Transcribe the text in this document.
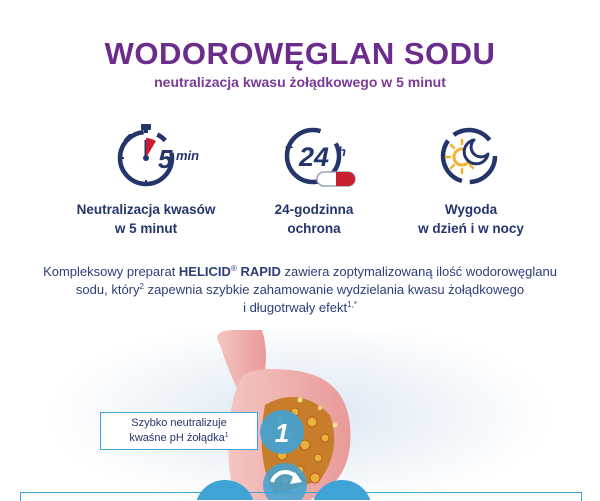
WODOROWĘGLAN SODU
neutralizacja kwasu żołądkowego w 5 minut
5 min
Neutralizacja kwasów
w 5 minut
24 h
24-godzinna
ochrona
Wygoda
w dzień i w nocy
Kompleksowy preparat HELICID® RAPID zawiera zoptymalizowaną ilość wodorowęglanu
sodu, który$^2$ zapewnia szybkie zahamowanie wydzielania kwasu żołądkowego
i długotrwały efekt$^{1,*}$
1
Szybko neutralizuje
kwaśne pH żołądka$^1$
